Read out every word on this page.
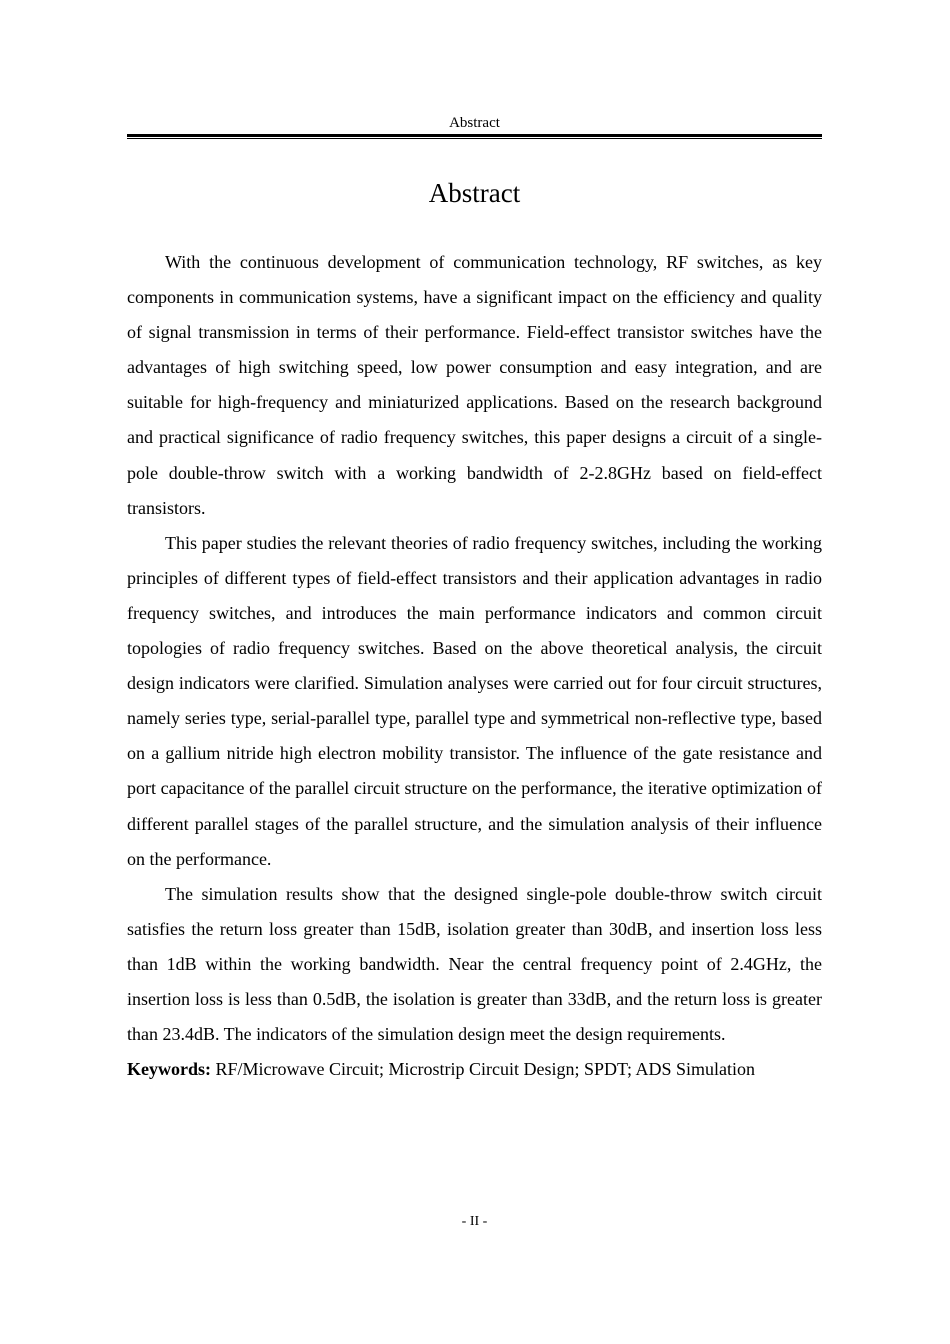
Abstract
Abstract

With the continuous development of communication technology, RF switches, as key components in communication systems, have a significant impact on the efficiency and quality of signal transmission in terms of their performance. Field-effect transistor switches have the advantages of high switching speed, low power consumption and easy integration, and are suitable for high-frequency and miniaturized applications. Based on the research background and practical significance of radio frequency switches, this paper designs a circuit of a single-pole double-throw switch with a working bandwidth of 2-2.8GHz based on field-effect transistors.

This paper studies the relevant theories of radio frequency switches, including the working principles of different types of field-effect transistors and their application advantages in radio frequency switches, and introduces the main performance indicators and common circuit topologies of radio frequency switches. Based on the above theoretical analysis, the circuit design indicators were clarified. Simulation analyses were carried out for four circuit structures, namely series type, serial-parallel type, parallel type and symmetrical non-reflective type, based on a gallium nitride high electron mobility transistor. The influence of the gate resistance and port capacitance of the parallel circuit structure on the performance, the iterative optimization of different parallel stages of the parallel structure, and the simulation analysis of their influence on the performance.

The simulation results show that the designed single-pole double-throw switch circuit satisfies the return loss greater than 15dB, isolation greater than 30dB, and insertion loss less than 1dB within the working bandwidth. Near the central frequency point of 2.4GHz, the insertion loss is less than 0.5dB, the isolation is greater than 33dB, and the return loss is greater than 23.4dB. The indicators of the simulation design meet the design requirements.

Keywords: RF/Microwave Circuit; Microstrip Circuit Design; SPDT; ADS Simulation

- II -
